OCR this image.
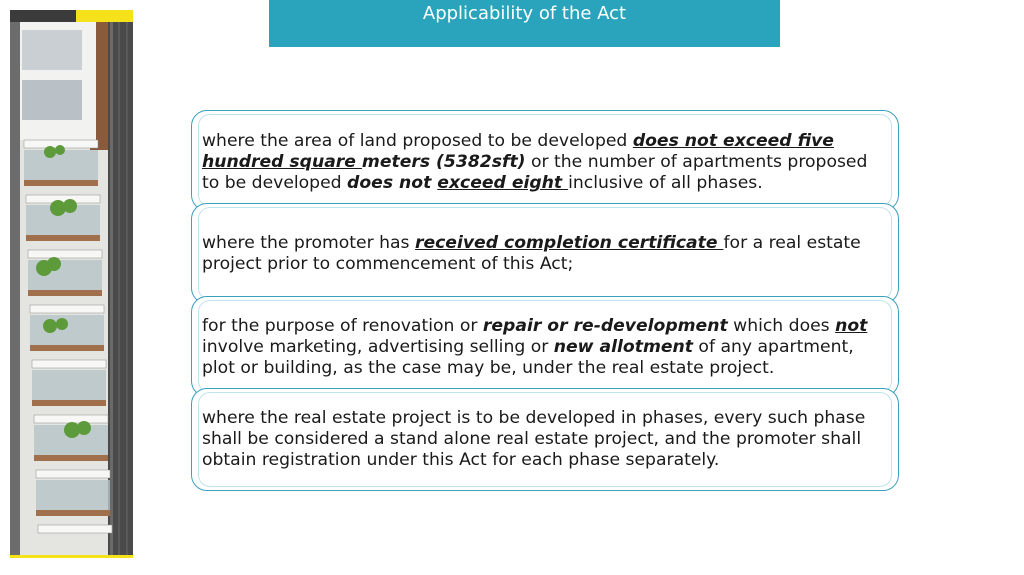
Applicability of the Act

where the area of land proposed to be developed does not exceed five hundred square meters (5382sft) or the number of apartments proposed to be developed does not exceed eight inclusive of all phases.

where the promoter has received completion certificate for a real estate project prior to commencement of this Act;

for the purpose of renovation or repair or re-development which does not involve marketing, advertising selling or new allotment of any apartment, plot or building, as the case may be, under the real estate project.

where the real estate project is to be developed in phases, every such phase shall be considered a stand alone real estate project, and the promoter shall obtain registration under this Act for each phase separately.
